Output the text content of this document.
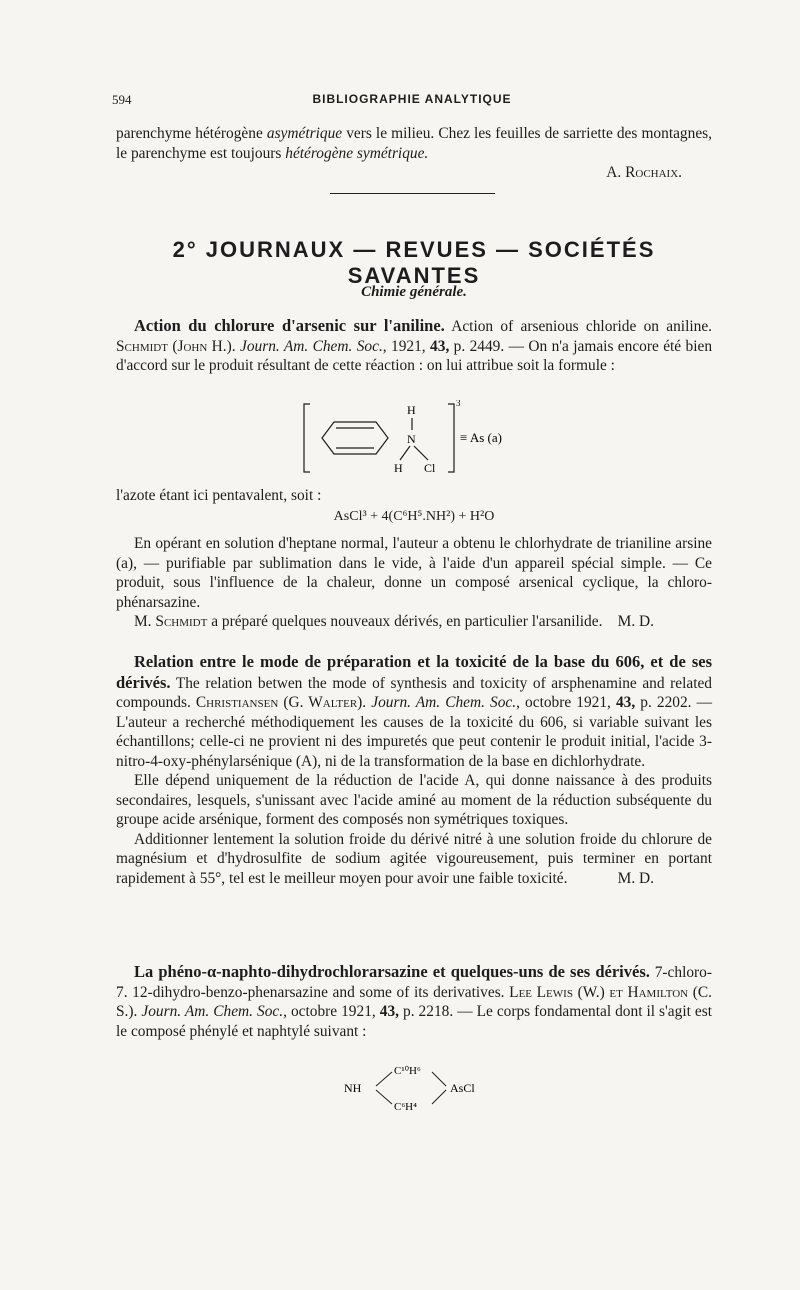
594	BIBLIOGRAPHIE ANALYTIQUE

parenchyme hétérogène asymétrique vers le milieu. Chez les feuilles de sarriette des montagnes, le parenchyme est toujours hétérogène symétrique.

A. Rochaix.

2° JOURNAUX — REVUES — SOCIÉTÉS SAVANTES
Chimie générale.

Action du chlorure d'arsenic sur l'aniline. Action of arsenious chloride on aniline. Schmidt (John H.). Journ. Am. Chem. Soc., 1921, 43, p. 2449. — On n'a jamais encore été bien d'accord sur le produit résultant de cette réaction : on lui attribue soit la formule :

H
N
H Cl
3
≡ As (a)
l'azote étant ici pentavalent, soit :
AsCl³ + 4(C⁶H⁵.NH²) + H²O

En opérant en solution d'heptane normal, l'auteur a obtenu le chlorhydrate de trianiline arsine (a), — purifiable par sublimation dans le vide, à l'aide d'un appareil spécial simple. — Ce produit, sous l'influence de la chaleur, donne un composé arsenical cyclique, la chloro-phénarsazine.

M. Schmidt a préparé quelques nouveaux dérivés, en particulier l'arsanilide. M. D.

Relation entre le mode de préparation et la toxicité de la base du 606, et de ses dérivés. The relation betwen the mode of synthesis and toxicity of arsphenamine and related compounds. Christiansen (G. Walter). Journ. Am. Chem. Soc., octobre 1921, 43, p. 2202. — L'auteur a recherché méthodiquement les causes de la toxicité du 606, si variable suivant les échantillons; celle-ci ne provient ni des impuretés que peut contenir le produit initial, l'acide 3-nitro-4-oxy-phénylarsénique (A), ni de la transformation de la base en dichlorhydrate.

Elle dépend uniquement de la réduction de l'acide A, qui donne naissance à des produits secondaires, lesquels, s'unissant avec l'acide aminé au moment de la réduction subséquente du groupe acide arsénique, forment des composés non symétriques toxiques.

Additionner lentement la solution froide du dérivé nitré à une solution froide du chlorure de magnésium et d'hydrosulfite de sodium agitée vigoureusement, puis terminer en portant rapidement à 55°, tel est le meilleur moyen pour avoir une faible toxicité.	M. D.

La phéno-α-naphto-dihydrochlorarsazine et quelques-uns de ses dérivés. 7-chloro-7. 12-dihydro-benzo-phenarsazine and some of its derivatives. Lee Lewis (W.) et Hamilton (C. S.). Journ. Am. Chem. Soc., octobre 1921, 43, p. 2218. — Le corps fondamental dont il s'agit est le composé phénylé et naphtylé suivant :

NH
C¹⁰H⁶
C⁶H⁴
AsCl
